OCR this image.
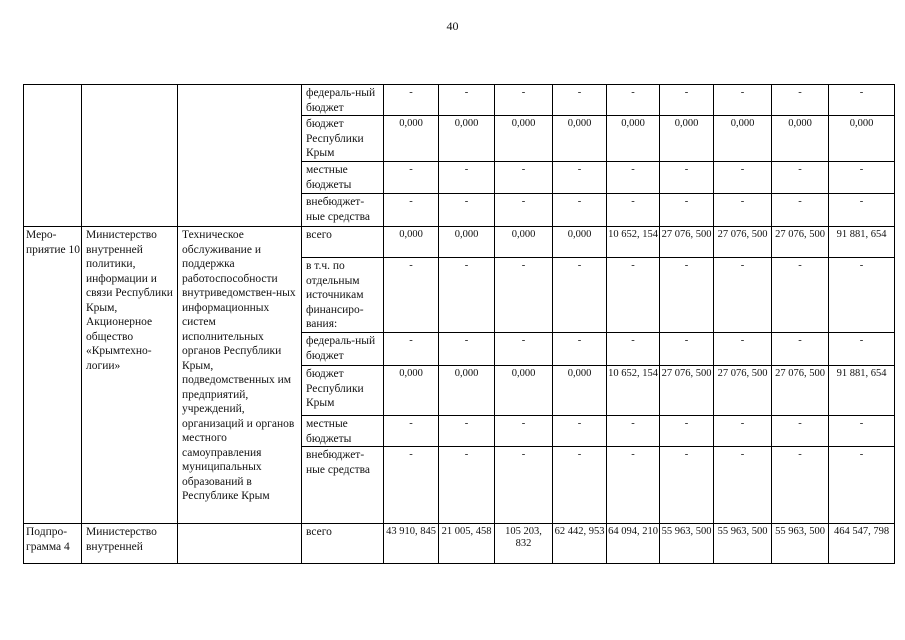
40
			федераль-ный бюджет	-	-	-	-	-	-	-	-	-
			бюджет Республики Крым	0,000	0,000	0,000	0,000	0,000	0,000	0,000	0,000	0,000
			местные бюджеты	-	-	-	-	-	-	-	-	-
			внебюджет-ные средства	-	-	-	-	-	-	-	-	-
Меро-приятие 10	Министерство внутренней политики, информации и связи Республики Крым, Акционерное общество «Крымтехно-логии»	Техническое обслуживание и поддержка работоспособности внутриведомствен-ных информационных систем исполнительных органов Республики Крым, подведомственных им предприятий, учреждений, организаций и органов местного самоуправления муниципальных образований в Республике Крым	всего	0,000	0,000	0,000	0,000	10 652, 154	27 076, 500	27 076, 500	27 076, 500	91 881, 654
			в т.ч. по отдельным источникам финансиро-вания:	-	-	-	-	-	-	-	-	-
			федераль-ный бюджет	-	-	-	-	-	-	-	-	-
			бюджет Республики Крым	0,000	0,000	0,000	0,000	10 652, 154	27 076, 500	27 076, 500	27 076, 500	91 881, 654
			местные бюджеты	-	-	-	-	-	-	-	-	-
			внебюджет-ные средства	-	-	-	-	-	-	-	-	-
Подпро-грамма 4	Министерство внутренней		всего	43 910, 845	21 005, 458	105 203, 832	62 442, 953	64 094, 210	55 963, 500	55 963, 500	55 963, 500	464 547, 798
